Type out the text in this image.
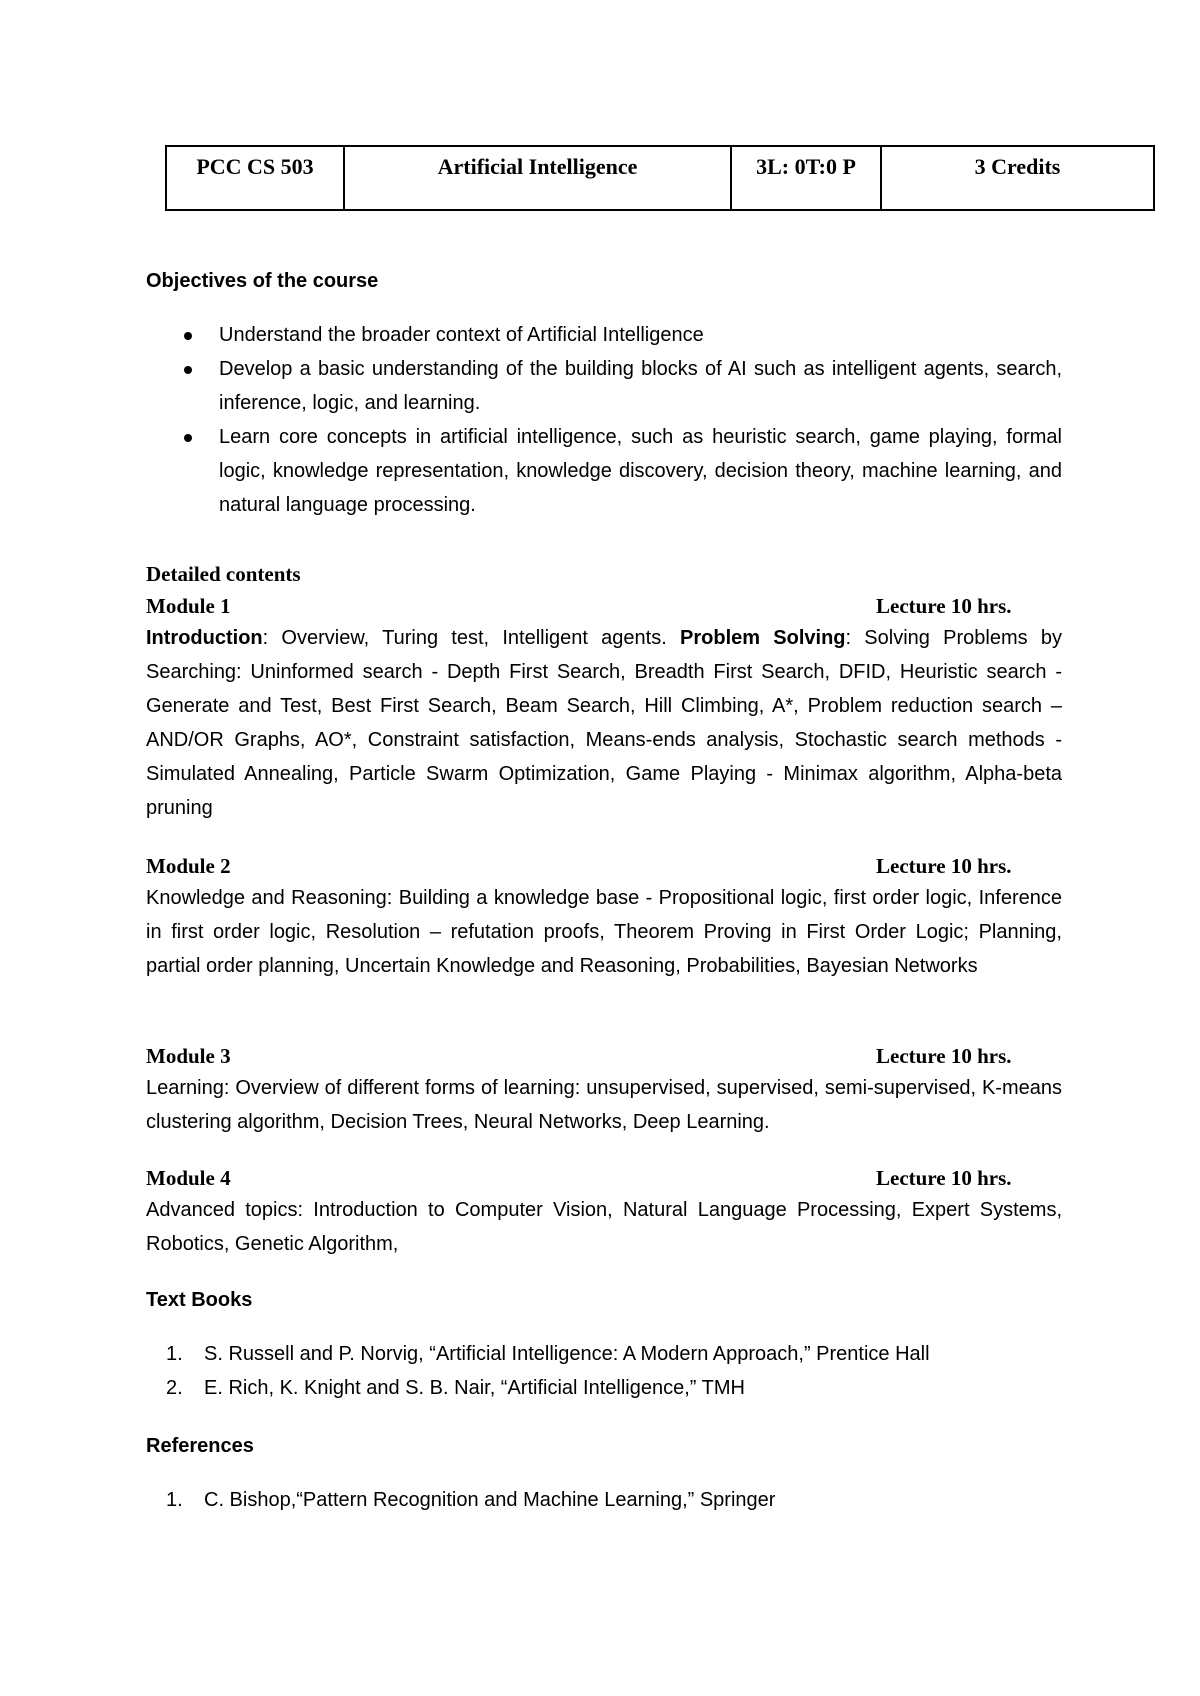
PCC CS 503	Artificial Intelligence	3L: 0T:0 P	3 Credits
Objectives of the course
Understand the broader context of Artificial Intelligence
Develop a basic understanding of the building blocks of AI such as intelligent agents, search, inference, logic, and learning.
Learn core concepts in artificial intelligence, such as heuristic search, game playing, formal logic, knowledge representation, knowledge discovery, decision theory, machine learning, and natural language processing.
Detailed contents
Module 1	Lecture 10 hrs.
Introduction: Overview, Turing test, Intelligent agents. Problem Solving: Solving Problems by Searching: Uninformed search - Depth First Search, Breadth First Search, DFID, Heuristic search - Generate and Test, Best First Search, Beam Search, Hill Climbing, A*, Problem reduction search – AND/OR Graphs, AO*, Constraint satisfaction, Means-ends analysis, Stochastic search methods - Simulated Annealing, Particle Swarm Optimization, Game Playing - Minimax algorithm, Alpha-beta pruning
Module 2	Lecture 10 hrs.
Knowledge and Reasoning: Building a knowledge base - Propositional logic, first order logic, Inference in first order logic, Resolution – refutation proofs, Theorem Proving in First Order Logic; Planning, partial order planning, Uncertain Knowledge and Reasoning, Probabilities, Bayesian Networks
Module 3	Lecture 10 hrs.
Learning: Overview of different forms of learning: unsupervised, supervised, semi-supervised, K-means clustering algorithm, Decision Trees, Neural Networks, Deep Learning.
Module 4	Lecture 10 hrs.
Advanced topics: Introduction to Computer Vision, Natural Language Processing, Expert Systems, Robotics, Genetic Algorithm,
Text Books
1. S. Russell and P. Norvig, “Artificial Intelligence: A Modern Approach,” Prentice Hall
2. E. Rich, K. Knight and S. B. Nair, “Artificial Intelligence,” TMH
References
1. C. Bishop,“Pattern Recognition and Machine Learning,” Springer
